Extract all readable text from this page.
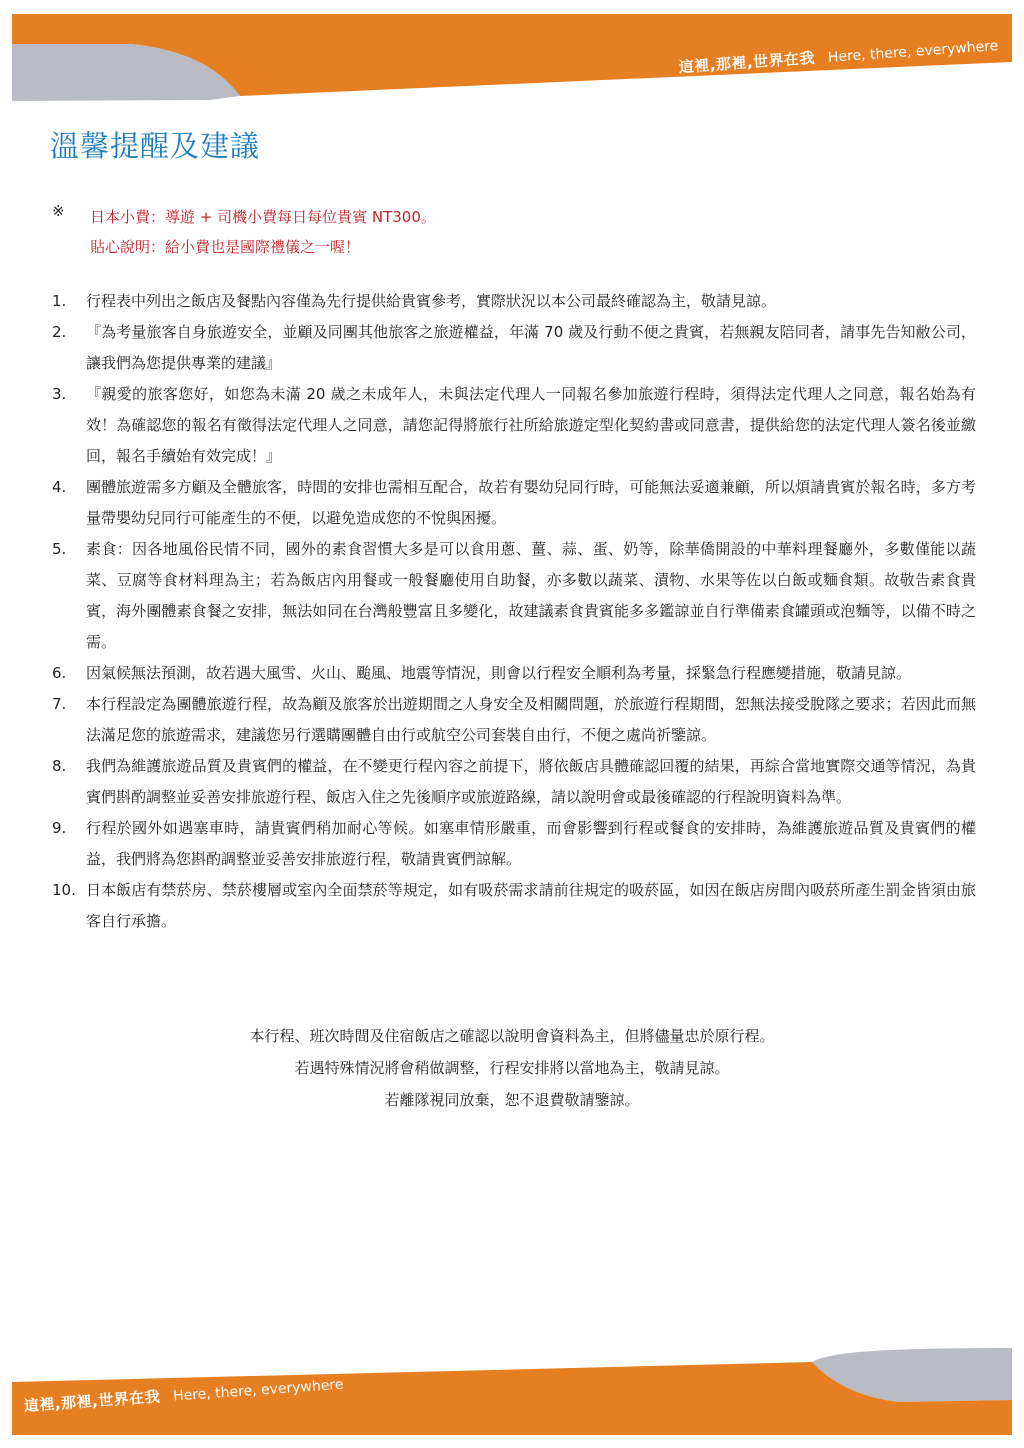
這裡,那裡,世界在我 Here, there, everywhere
溫馨提醒及建議
※ 日本小費：導遊 + 司機小費每日每位貴賓 NT300。
貼心說明：給小費也是國際禮儀之一喔！
1.	行程表中列出之飯店及餐點內容僅為先行提供給貴賓參考，實際狀況以本公司最終確認為主，敬請見諒。
2.	『為考量旅客自身旅遊安全，並顧及同團其他旅客之旅遊權益，年滿 70 歲及行動不便之貴賓，若無親友陪同者，請事先告知敝公司，讓我們為您提供專業的建議』
3.	『親愛的旅客您好，如您為未滿 20 歲之未成年人，未與法定代理人一同報名參加旅遊行程時，須得法定代理人之同意，報名始為有效！為確認您的報名有徵得法定代理人之同意，請您記得將旅行社所給旅遊定型化契約書或同意書，提供給您的法定代理人簽名後並繳回，報名手續始有效完成！』
4.	團體旅遊需多方顧及全體旅客，時間的安排也需相互配合，故若有嬰幼兒同行時，可能無法妥適兼顧，所以煩請貴賓於報名時，多方考量帶嬰幼兒同行可能產生的不便，以避免造成您的不悅與困擾。
5.	素食：因各地風俗民情不同，國外的素食習慣大多是可以食用蔥、薑、蒜、蛋、奶等，除華僑開設的中華料理餐廳外，多數僅能以蔬菜、豆腐等食材料理為主；若為飯店內用餐或一般餐廳使用自助餐，亦多數以蔬菜、漬物、水果等佐以白飯或麵食類。故敬告素食貴賓，海外團體素食餐之安排，無法如同在台灣般豐富且多變化，故建議素食貴賓能多多鑑諒並自行準備素食罐頭或泡麵等，以備不時之需。
6.	因氣候無法預測，故若遇大風雪、火山、颱風、地震等情況，則會以行程安全順利為考量，採緊急行程應變措施，敬請見諒。
7.	本行程設定為團體旅遊行程，故為顧及旅客於出遊期間之人身安全及相關問題，於旅遊行程期間，恕無法接受脫隊之要求；若因此而無法滿足您的旅遊需求，建議您另行選購團體自由行或航空公司套裝自由行，不便之處尚祈鑒諒。
8.	我們為維護旅遊品質及貴賓們的權益，在不變更行程內容之前提下，將依飯店具體確認回覆的結果，再綜合當地實際交通等情況，為貴賓們斟酌調整並妥善安排旅遊行程、飯店入住之先後順序或旅遊路線，請以說明會或最後確認的行程說明資料為準。
9.	行程於國外如遇塞車時，請貴賓們稍加耐心等候。如塞車情形嚴重，而會影響到行程或餐食的安排時，為維護旅遊品質及貴賓們的權益，我們將為您斟酌調整並妥善安排旅遊行程，敬請貴賓們諒解。
10. 日本飯店有禁菸房、禁菸樓層或室內全面禁菸等規定，如有吸菸需求請前往規定的吸菸區，如因在飯店房間內吸菸所產生罰金皆須由旅客自行承擔。

本行程、班次時間及住宿飯店之確認以說明會資料為主，但將儘量忠於原行程。

若遇特殊情況將會稍做調整，行程安排將以當地為主，敬請見諒。

若離隊視同放棄，恕不退費敬請鑒諒。

這裡,那裡,世界在我 Here, there, everywhere
